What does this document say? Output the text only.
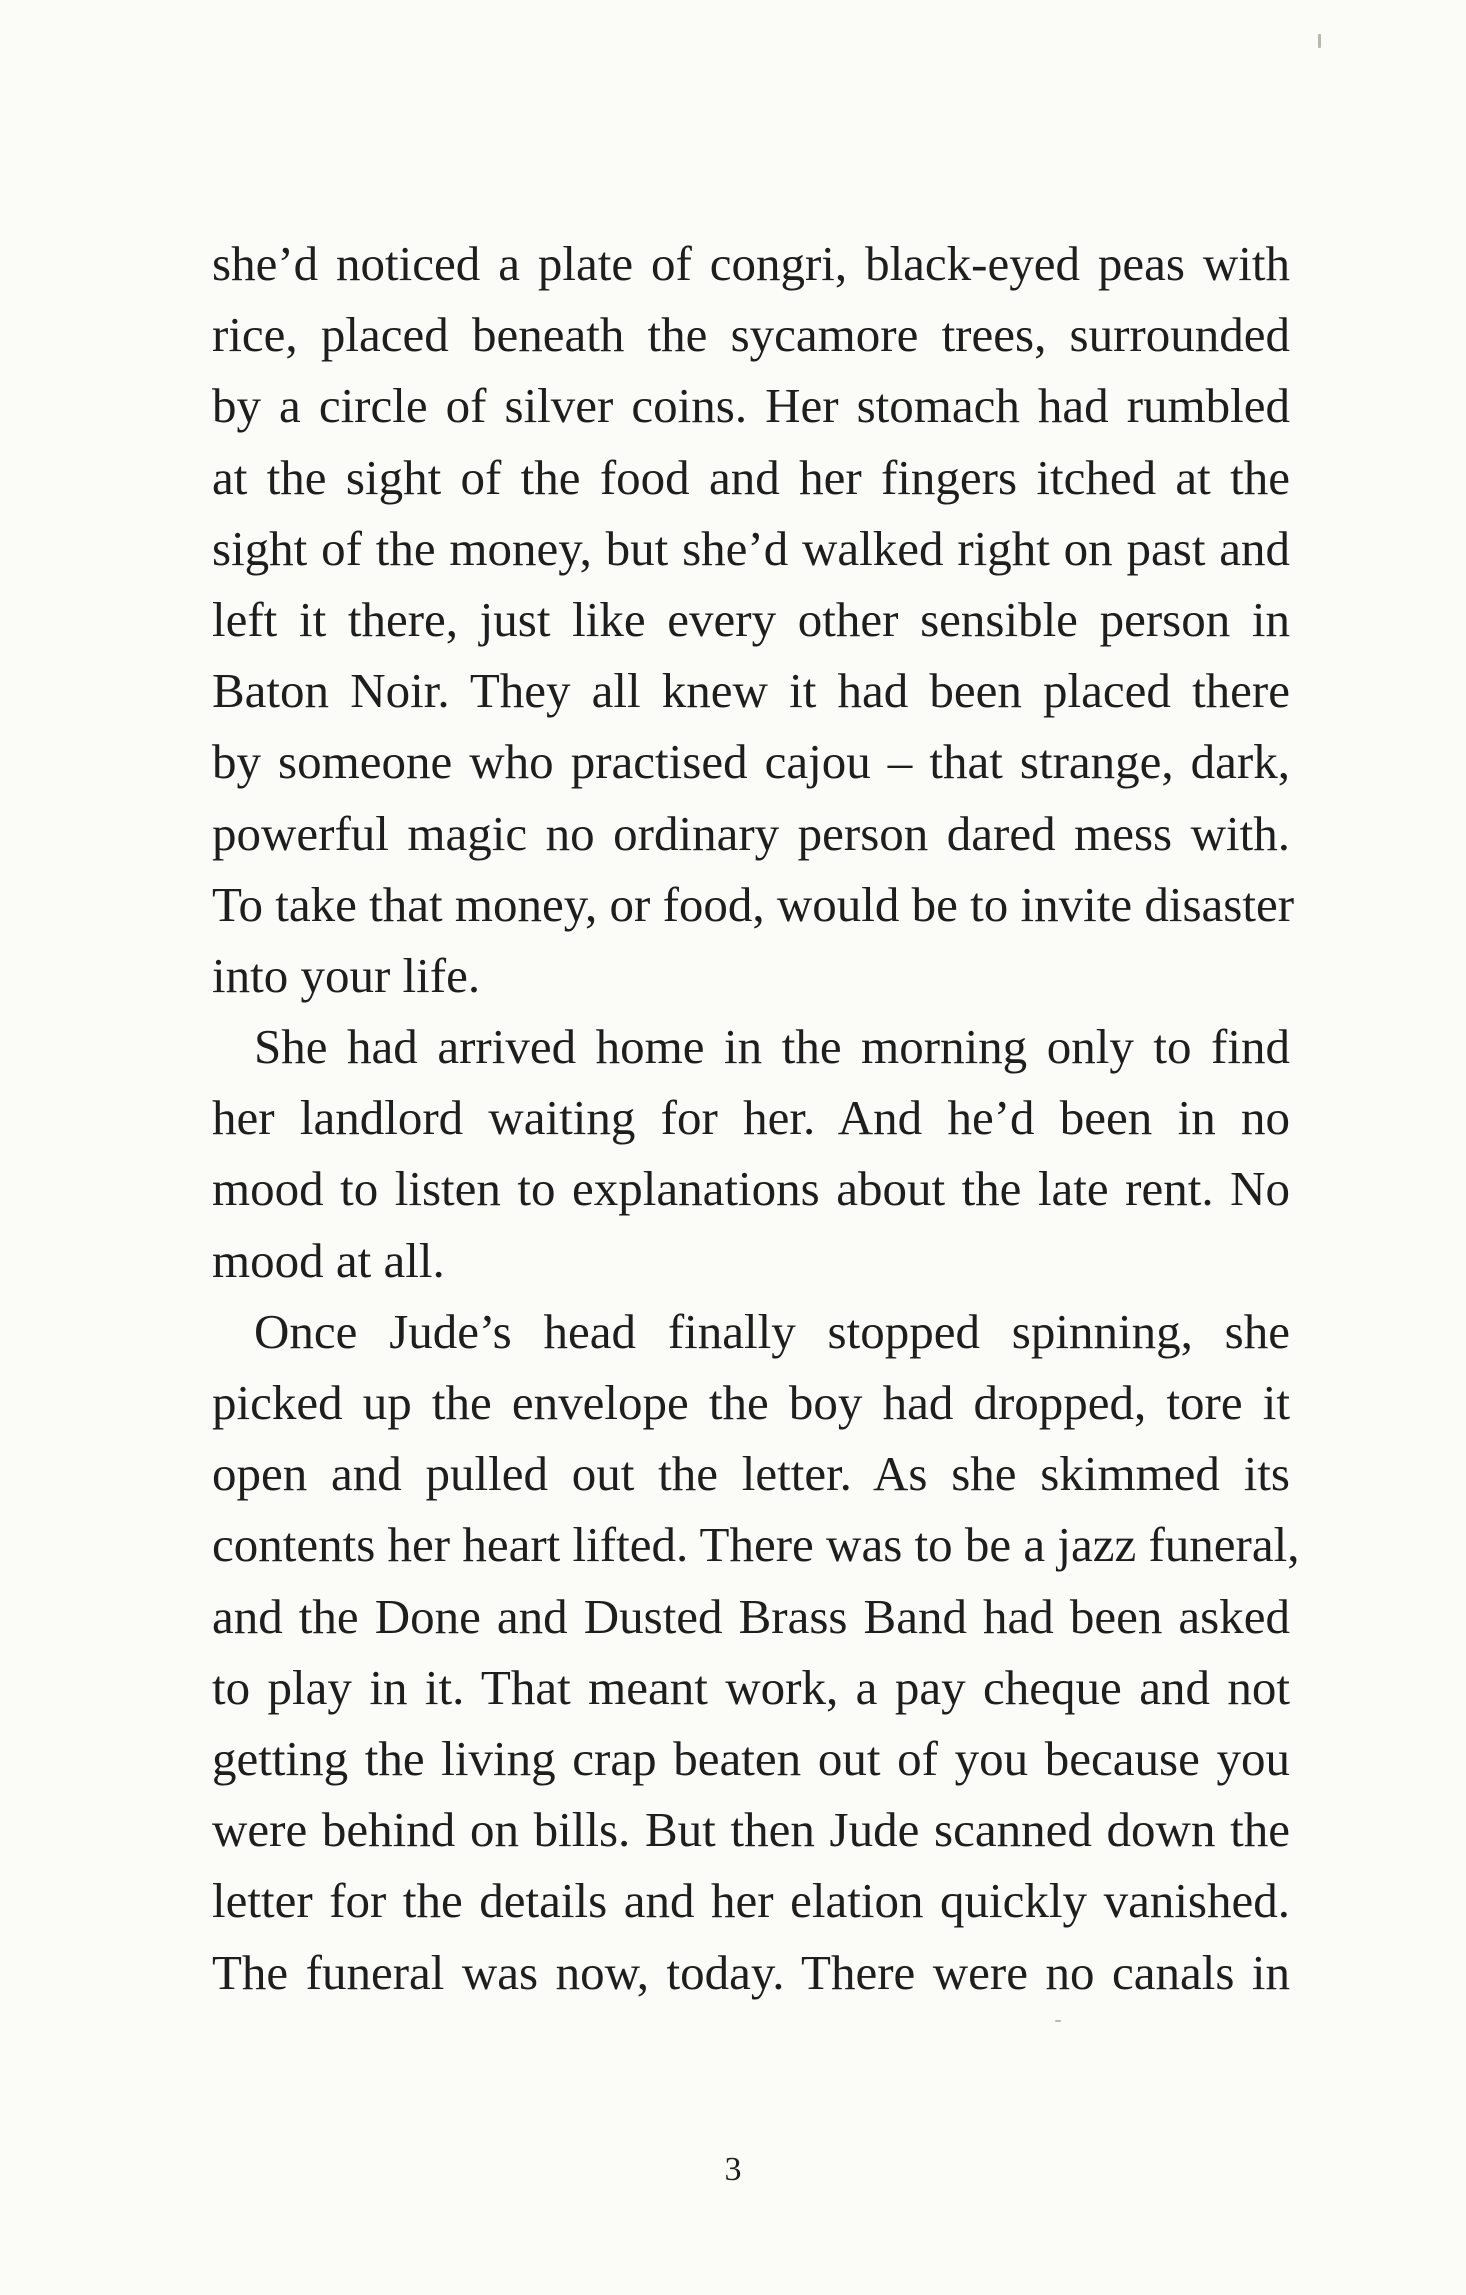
she’d noticed a plate of congri, black-eyed peas with
rice, placed beneath the sycamore trees, surrounded
by a circle of silver coins. Her stomach had rumbled
at the sight of the food and her fingers itched at the
sight of the money, but she’d walked right on past and
left it there, just like every other sensible person in
Baton Noir. They all knew it had been placed there
by someone who practised cajou – that strange, dark,
powerful magic no ordinary person dared mess with.
To take that money, or food, would be to invite disaster
into your life.
She had arrived home in the morning only to find
her landlord waiting for her. And he’d been in no
mood to listen to explanations about the late rent. No
mood at all.
Once Jude’s head finally stopped spinning, she
picked up the envelope the boy had dropped, tore it
open and pulled out the letter. As she skimmed its
contents her heart lifted. There was to be a jazz funeral,
and the Done and Dusted Brass Band had been asked
to play in it. That meant work, a pay cheque and not
getting the living crap beaten out of you because you
were behind on bills. But then Jude scanned down the
letter for the details and her elation quickly vanished.
The funeral was now, today. There were no canals in
3
